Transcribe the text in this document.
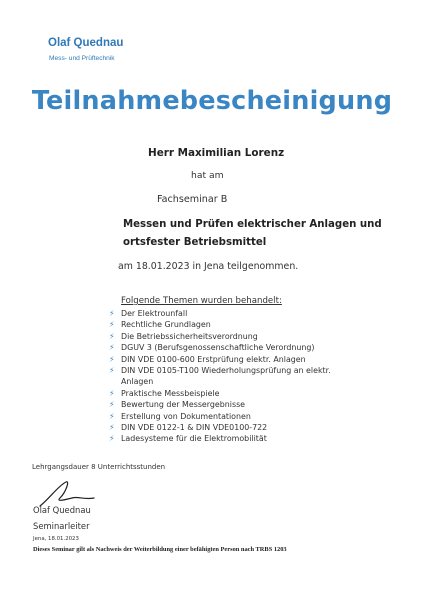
Olaf Quednau
Mess- und Prüftechnik
Teilnahmebescheinigung
Herr Maximilian Lorenz
hat am
Fachseminar B
Messen und Prüfen elektrischer Anlagen und
ortsfester Betriebsmittel
am 18.01.2023 in Jena teilgenommen.
Folgende Themen wurden behandelt:
⚡ Der Elektrounfall
⚡ Rechtliche Grundlagen
⚡ Die Betriebssicherheitsverordnung
⚡ DGUV 3 (Berufsgenossenschaftliche Verordnung)
⚡ DIN VDE 0100-600 Erstprüfung elektr. Anlagen
⚡ DIN VDE 0105-T100 Wiederholungsprüfung an elektr.
Anlagen
⚡ Praktische Messbeispiele
⚡ Bewertung der Messergebnisse
⚡ Erstellung von Dokumentationen
⚡ DIN VDE 0122-1 & DIN VDE0100-722
⚡ Ladesysteme für die Elektromobilität
Lehrgangsdauer 8 Unterrichtsstunden
Olaf Quednau
Seminarleiter
Jena, 18.01.2023
Dieses Seminar gilt als Nachweis der Weiterbildung einer befähigten Person nach TRBS 1203
